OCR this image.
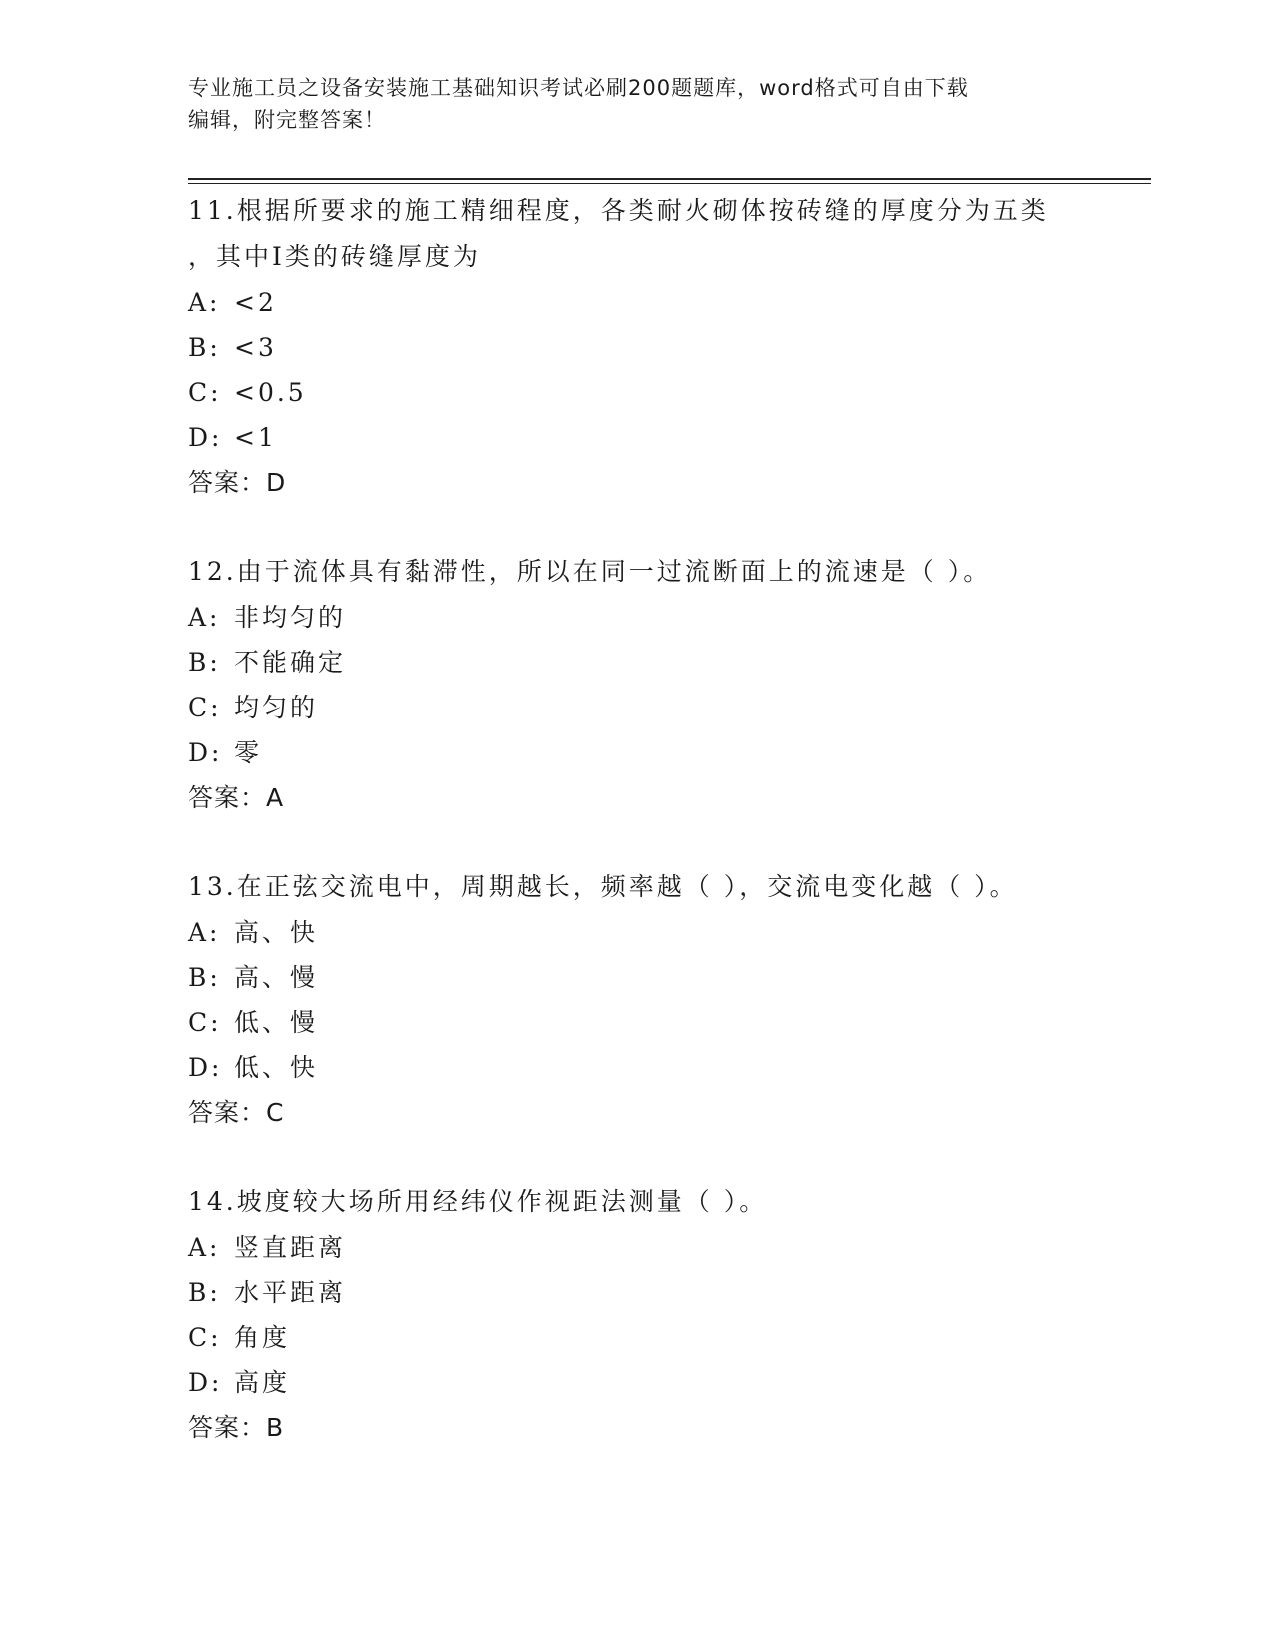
专业施工员之设备安装施工基础知识考试必刷200题题库，word格式可自由下载
编辑，附完整答案！
11.根据所要求的施工精细程度，各类耐火砌体按砖缝的厚度分为五类
，其中Ⅰ类的砖缝厚度为
A: <2
B: <3
C: <0.5
D: <1
答案：D
12.由于流体具有黏滞性，所以在同一过流断面上的流速是（ ）。
A: 非均匀的
B: 不能确定
C: 均匀的
D: 零
答案：A
13.在正弦交流电中，周期越长，频率越（ ），交流电变化越（ ）。
A: 高、快
B: 高、慢
C: 低、慢
D: 低、快
答案：C
14.坡度较大场所用经纬仪作视距法测量（ ）。
A: 竖直距离
B: 水平距离
C: 角度
D: 高度
答案：B
